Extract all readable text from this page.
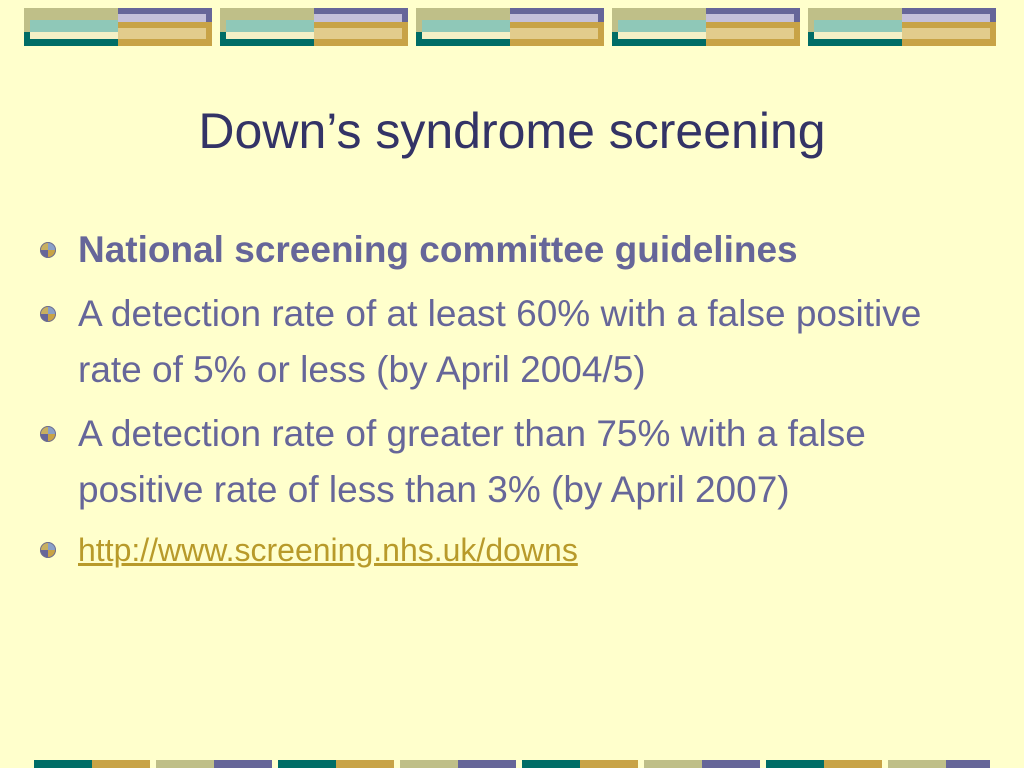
Down’s syndrome screening
National screening committee guidelines
A detection rate of at least 60% with a false positive rate of 5% or less (by April 2004/5)
A detection rate of greater than 75% with a false positive rate of less than 3% (by April 2007)
http://www.screening.nhs.uk/downs
